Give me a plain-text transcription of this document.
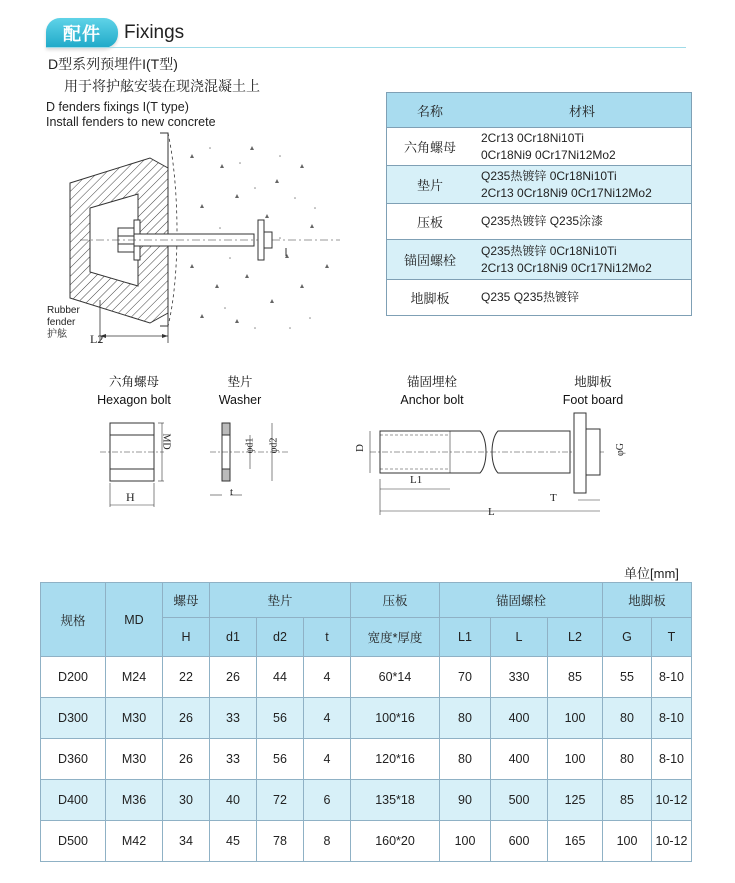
配件	Fixings
D型系列预埋件I(T型)
用于将护舷安装在现浇混凝土上
D fenders fixings I(T type)
Install fenders to new concrete
L2
Rubber
fender
护舷
名称	材料
六角螺母	2Cr13 0Cr18Ni10Ti
0Cr18Ni9 0Cr17Ni12Mo2

垫片	Q235热镀锌 0Cr18Ni10Ti
2Cr13 0Cr18Ni9 0Cr17Ni12Mo2

压板	Q235热镀锌 Q235涂漆

锚固螺栓	Q235热镀锌 0Cr18Ni10Ti
2Cr13 0Cr18Ni9 0Cr17Ni12Mo2

地脚板	Q235 Q235热镀锌
六角螺母
Hexagon bolt
垫片
Washer
锚固埋栓
Anchor bolt
地脚板
Foot board
MD
H
φd1 φd2
t
D
L1
L
T
φG
单位[mm]
规格	MD	螺母	垫片			压板	锚固螺栓			地脚板	
		H	d1	d2	t	宽度*厚度	L1	L	L2	G	T
D200	M24	22	26	44	4	60*14	70	330	85	55	8-10
D300	M30	26	33	56	4	100*16	80	400	100	80	8-10
D360	M30	26	33	56	4	120*16	80	400	100	80	8-10
D400	M36	30	40	72	6	135*18	90	500	125	85	10-12
D500	M42	34	45	78	8	160*20	100	600	165	100	10-12
